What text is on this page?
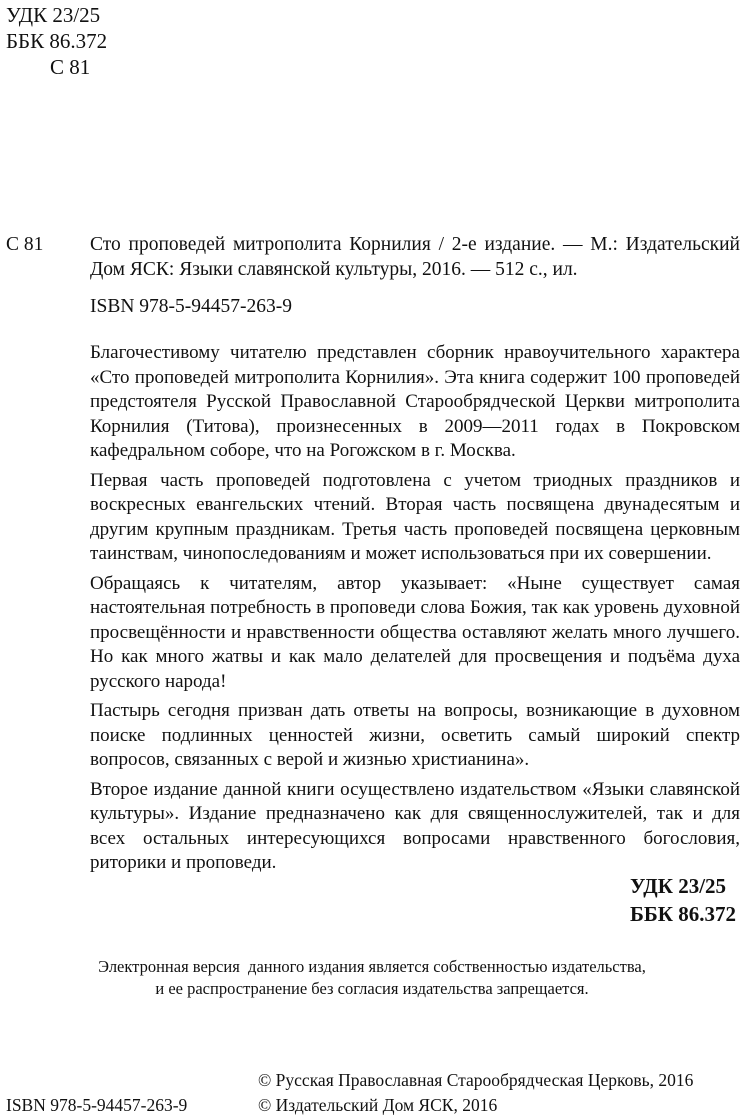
УДК 23/25
ББК 86.372
С 81
С 81 Сто проповедей митрополита Корнилия / 2-е издание. — М.: Издательский Дом ЯСК: Языки славянской культуры, 2016. — 512 с., ил.
ISBN 978-5-94457-263-9

Благочестивому читателю представлен сборник нравоучительного характера «Сто проповедей митрополита Корнилия». Эта книга содержит 100 проповедей предстоятеля Русской Православной Старообрядческой Церкви митрополита Корнилия (Титова), произнесенных в 2009—2011 годах в Покровском кафедральном соборе, что на Рогожском в г. Москва.

Первая часть проповедей подготовлена с учетом триодных праздников и воскресных евангельских чтений. Вторая часть посвящена двунадесятым и другим крупным праздникам. Третья часть проповедей посвящена церковным таинствам, чинопоследованиям и может использоваться при их совершении.

Обращаясь к читателям, автор указывает: «Ныне существует самая настоятельная потребность в проповеди слова Божия, так как уровень духовной просвещённости и нравственности общества оставляют желать много лучшего. Но как много жатвы и как мало делателей для просвещения и подъёма духа русского народа!

Пастырь сегодня призван дать ответы на вопросы, возникающие в духовном поиске подлинных ценностей жизни, осветить самый широкий спектр вопросов, связанных с верой и жизнью христианина».

Второе издание данной книги осуществлено издательством «Языки славянской культуры». Издание предназначено как для священнослужителей, так и для всех остальных интересующихся вопросами нравственного богословия, риторики и проповеди.

УДК 23/25
ББК 86.372
Электронная версия  данного издания является собственностью издательства,
и ее распространение без согласия издательства запрещается.
© Русская Православная Старообрядческая Церковь, 2016
© Издательский Дом ЯСК, 2016
ISBN 978-5-94457-263-9
